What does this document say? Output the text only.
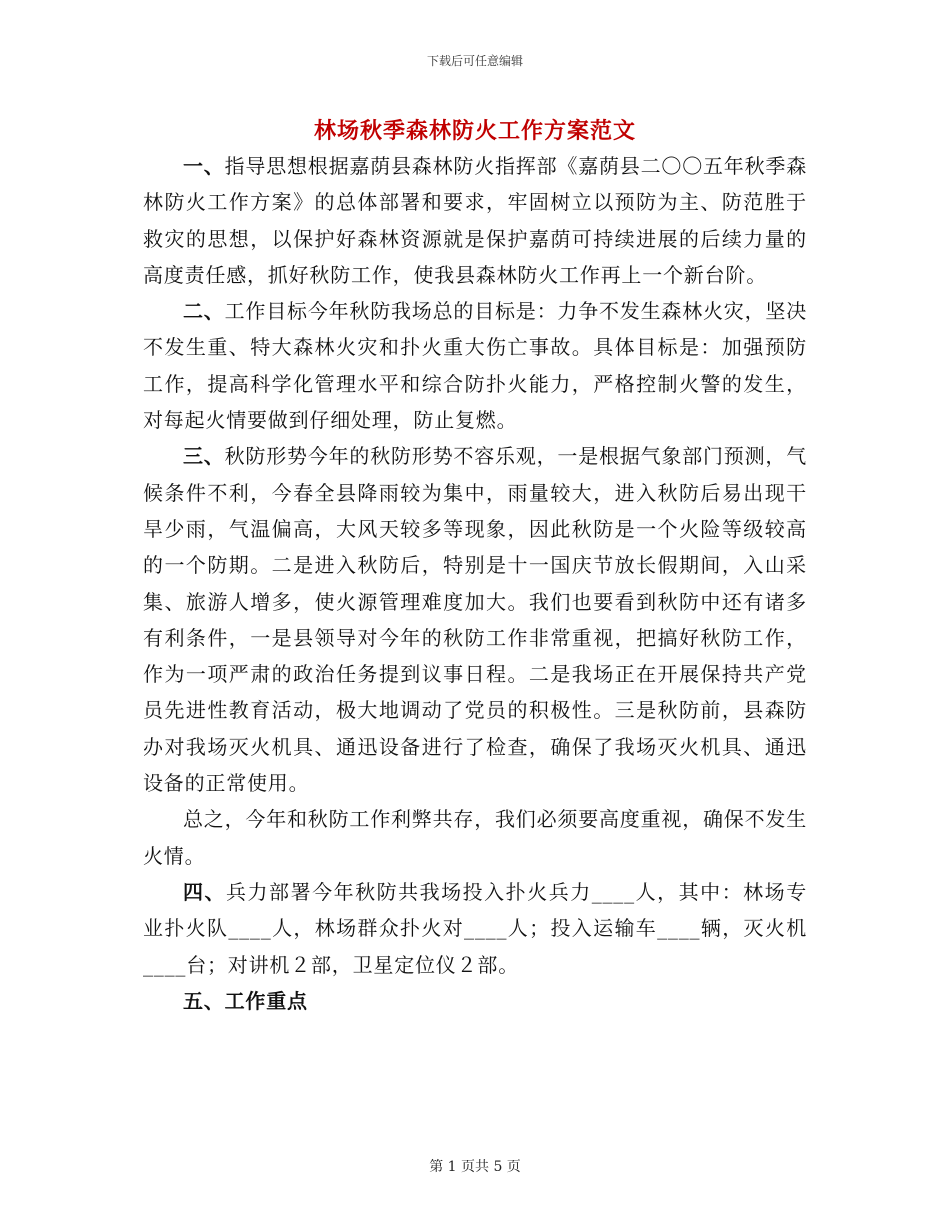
下载后可任意编辑
林场秋季森林防火工作方案范文

一、指导思想根据嘉荫县森林防火指挥部《嘉荫县二〇〇五年秋季森林防火工作方案》的总体部署和要求，牢固树立以预防为主、防范胜于救灾的思想，以保护好森林资源就是保护嘉荫可持续进展的后续力量的高度责任感，抓好秋防工作，使我县森林防火工作再上一个新台阶。

二、工作目标今年秋防我场总的目标是：力争不发生森林火灾，坚决不发生重、特大森林火灾和扑火重大伤亡事故。具体目标是：加强预防工作，提高科学化管理水平和综合防扑火能力，严格控制火警的发生，对每起火情要做到仔细处理，防止复燃。

三、秋防形势今年的秋防形势不容乐观，一是根据气象部门预测，气候条件不利，今春全县降雨较为集中，雨量较大，进入秋防后易出现干旱少雨，气温偏高，大风天较多等现象，因此秋防是一个火险等级较高的一个防期。二是进入秋防后，特别是十一国庆节放长假期间，入山采集、旅游人增多，使火源管理难度加大。我们也要看到秋防中还有诸多有利条件，一是县领导对今年的秋防工作非常重视，把搞好秋防工作，作为一项严肃的政治任务提到议事日程。二是我场正在开展保持共产党员先进性教育活动，极大地调动了党员的积极性。三是秋防前，县森防办对我场灭火机具、通迅设备进行了检查，确保了我场灭火机具、通迅设备的正常使用。

总之，今年和秋防工作利弊共存，我们必须要高度重视，确保不发生火情。

四、兵力部署今年秋防共我场投入扑火兵力____人，其中：林场专业扑火队____人，林场群众扑火对____人；投入运输车____辆，灭火机____台；对讲机２部，卫星定位仪２部。

五、工作重点

第 1 页共 5 页
